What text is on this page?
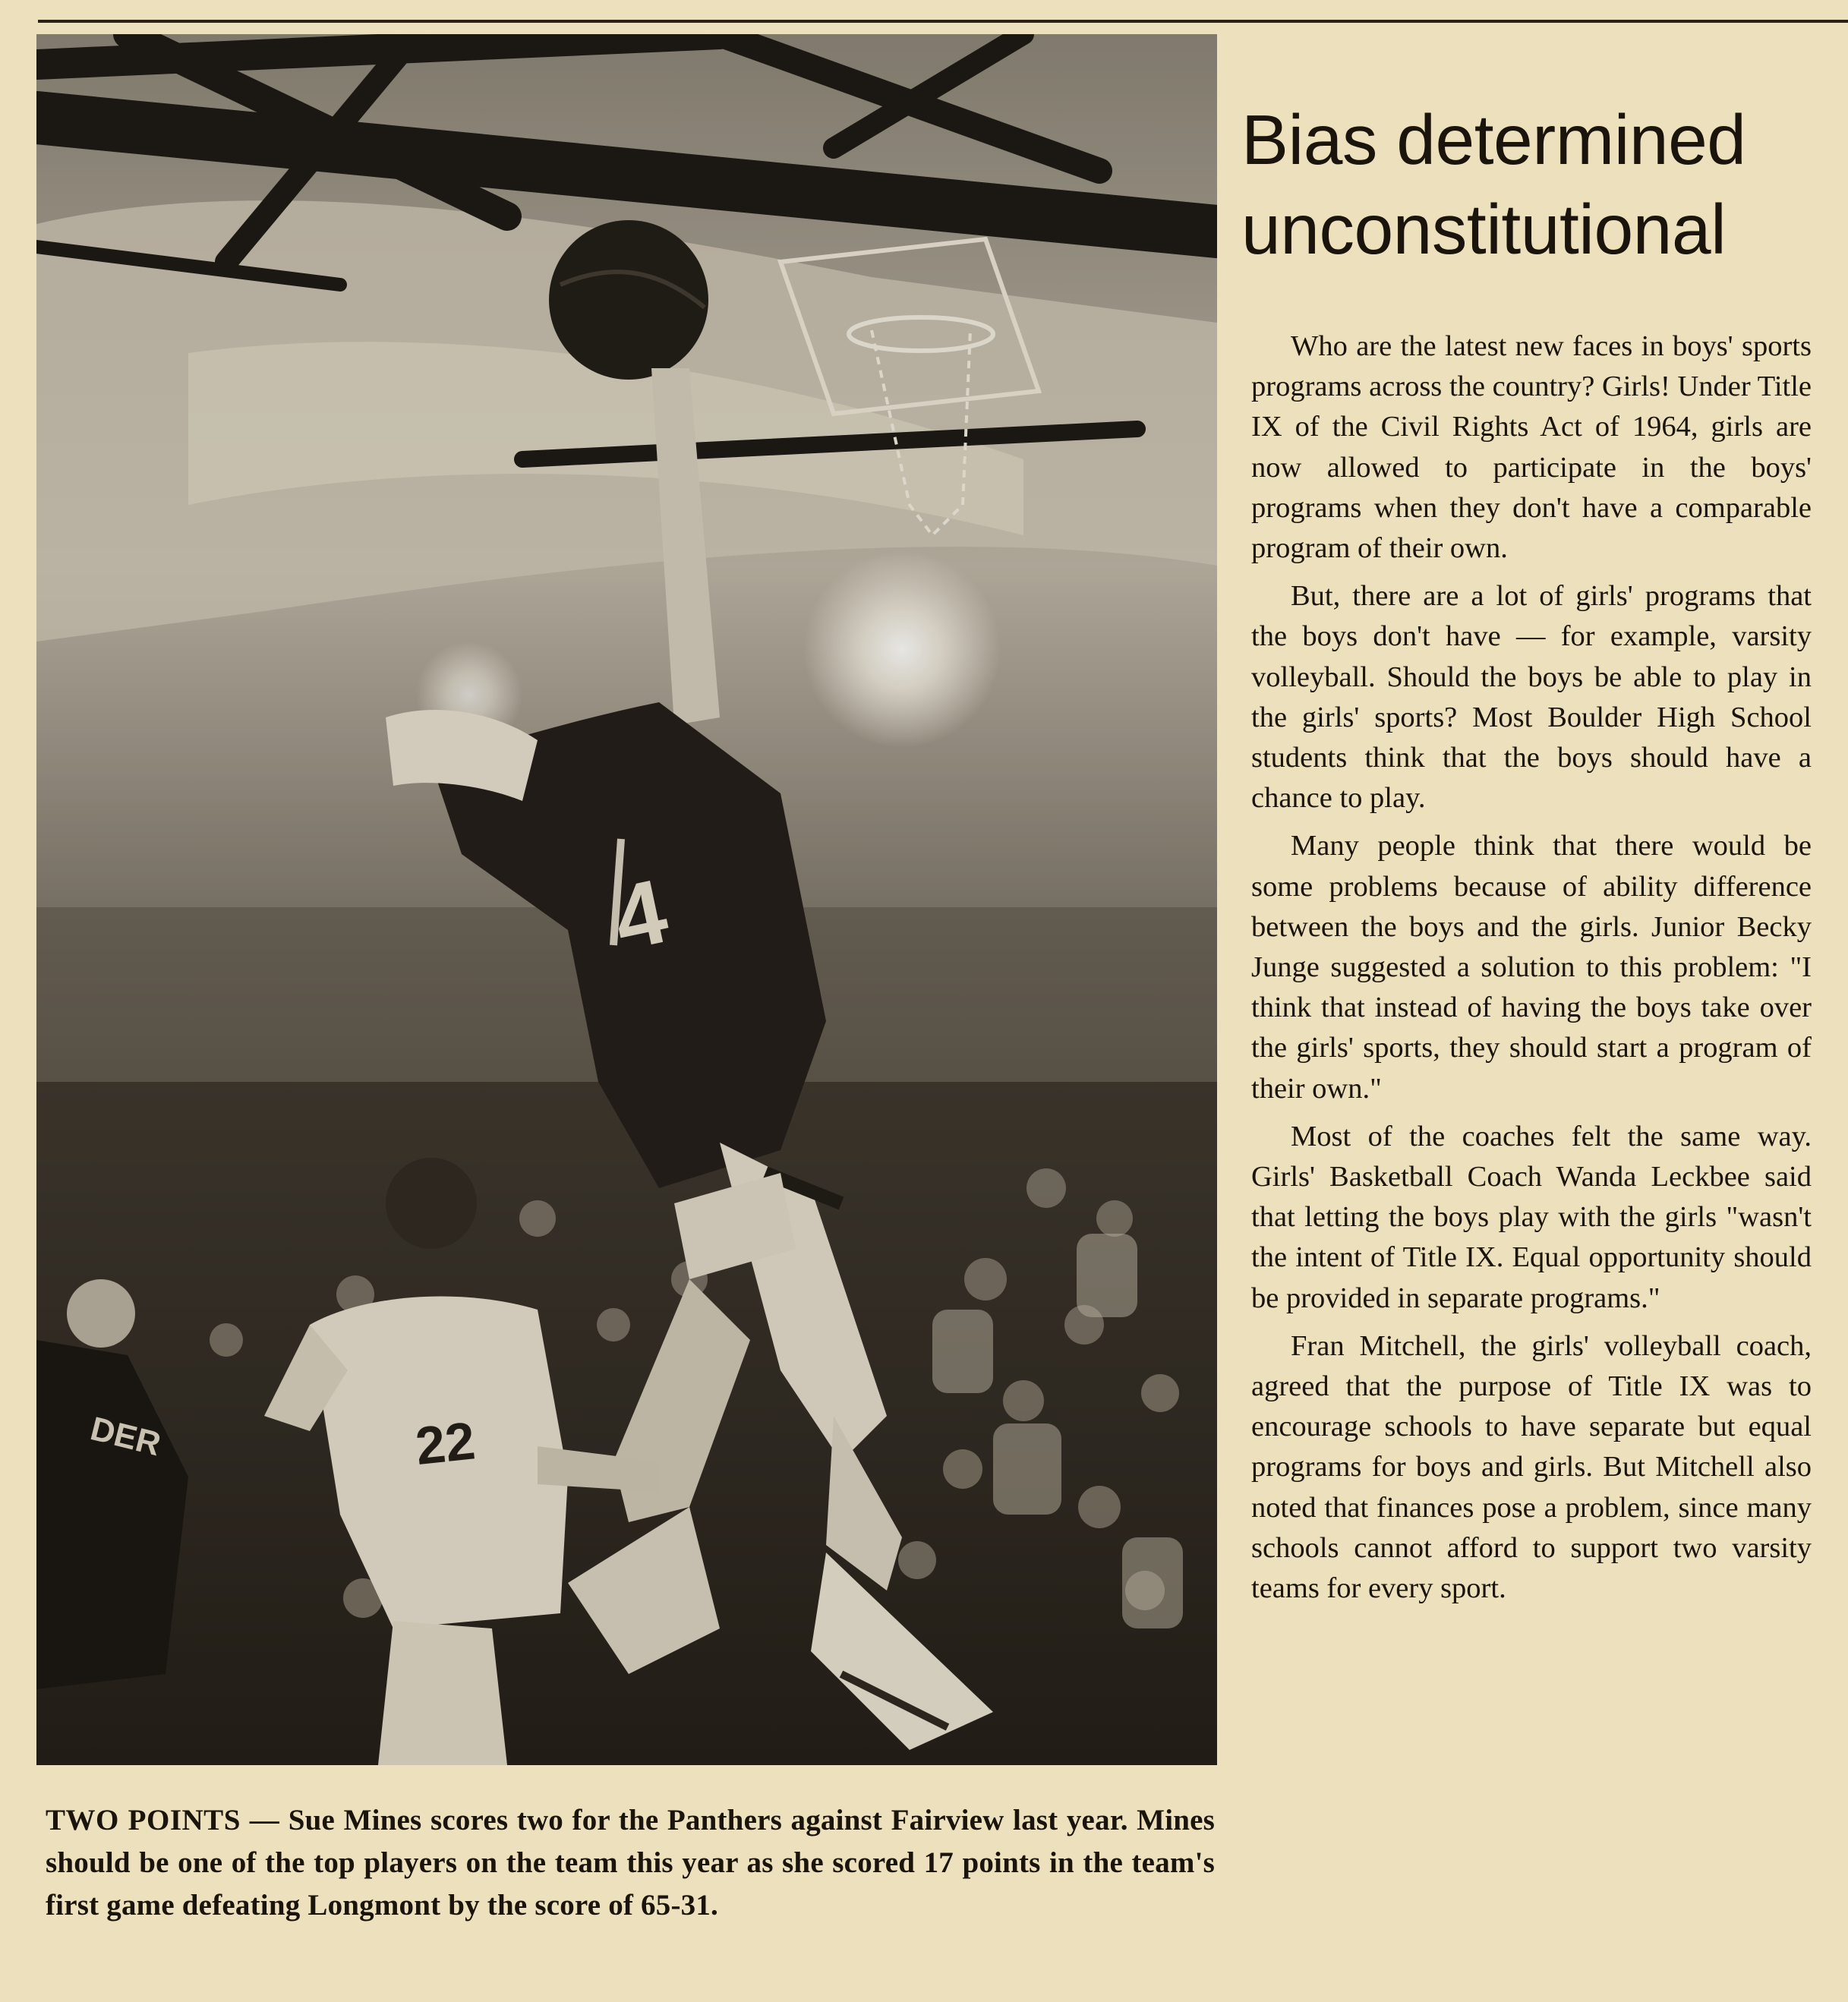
4
22
DER
TWO POINTS — Sue Mines scores two for the Panthers against Fairview last year. Mines should be one of the top players on the team this year as she scored 17 points in the team's first game defeating Longmont by the score of 65-31.
Bias determined
unconstitutional

Who are the latest new faces in boys' sports programs across the country? Girls! Under Title IX of the Civil Rights Act of 1964, girls are now allowed to participate in the boys' programs when they don't have a comparable program of their own.

But, there are a lot of girls' programs that the boys don't have — for example, varsity volleyball. Should the boys be able to play in the girls' sports? Most Boulder High School students think that the boys should have a chance to play.

Many people think that there would be some problems because of ability difference between the boys and the girls. Junior Becky Junge suggested a solution to this problem: "I think that instead of having the boys take over the girls' sports, they should start a program of their own."

Most of the coaches felt the same way. Girls' Basketball Coach Wanda Leckbee said that letting the boys play with the girls "wasn't the intent of Title IX. Equal opportunity should be provided in separate programs."

Fran Mitchell, the girls' volleyball coach, agreed that the purpose of Title IX was to encourage schools to have separate but equal programs for boys and girls. But Mitchell also noted that finances pose a problem, since many schools cannot afford to support two varsity teams for every sport.
